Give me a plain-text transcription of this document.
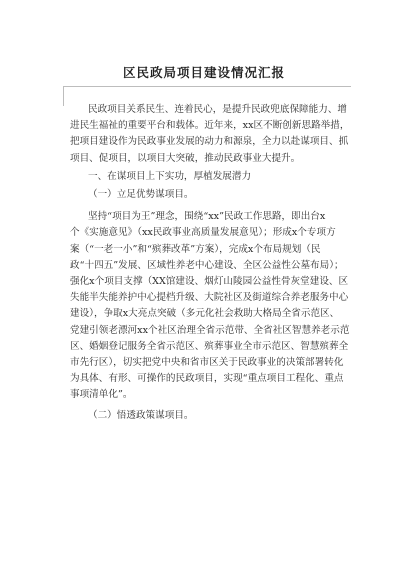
区民政局项目建设情况汇报

民政项目关系民生、连着民心，是提升民政兜底保障能力、增

进民生福祉的重要平台和载体。近年来，xx区不断创新思路举措，

把项目建设作为民政事业发展的动力和源泉，全力以赴谋项目、抓

项目、促项目，以项目大突破，推动民政事业大提升。

一、在谋项目上下实功，厚植发展潜力

（一）立足优势谋项目。

坚持“项目为王”理念，围绕“xx”民政工作思路，即出台x

个《实施意见》（xx民政事业高质量发展意见）；形成x个专项方

案（“一老一小”和“殡葬改革”方案），完成x个布局规划（民

政“十四五”发展、区域性养老中心建设、全区公益性公墓布局）；

强化x个项目支撑（XX馆建设、烟灯山陵园公益性骨灰堂建设、区

失能半失能养护中心提档升级、大院社区及街道综合养老服务中心

建设），争取x大亮点突破（多元化社会救助大格局全省示范区、

党建引领老漂河xx个社区治理全省示范带、全省社区智慧养老示范

区、婚姻登记服务全省示范区、殡葬事业全市示范区、智慧殡葬全

市先行区），切实把党中央和省市区关于民政事业的决策部署转化

为具体、有形、可操作的民政项目，实现“重点项目工程化、重点

事项清单化”。

（二）悟透政策谋项目。
